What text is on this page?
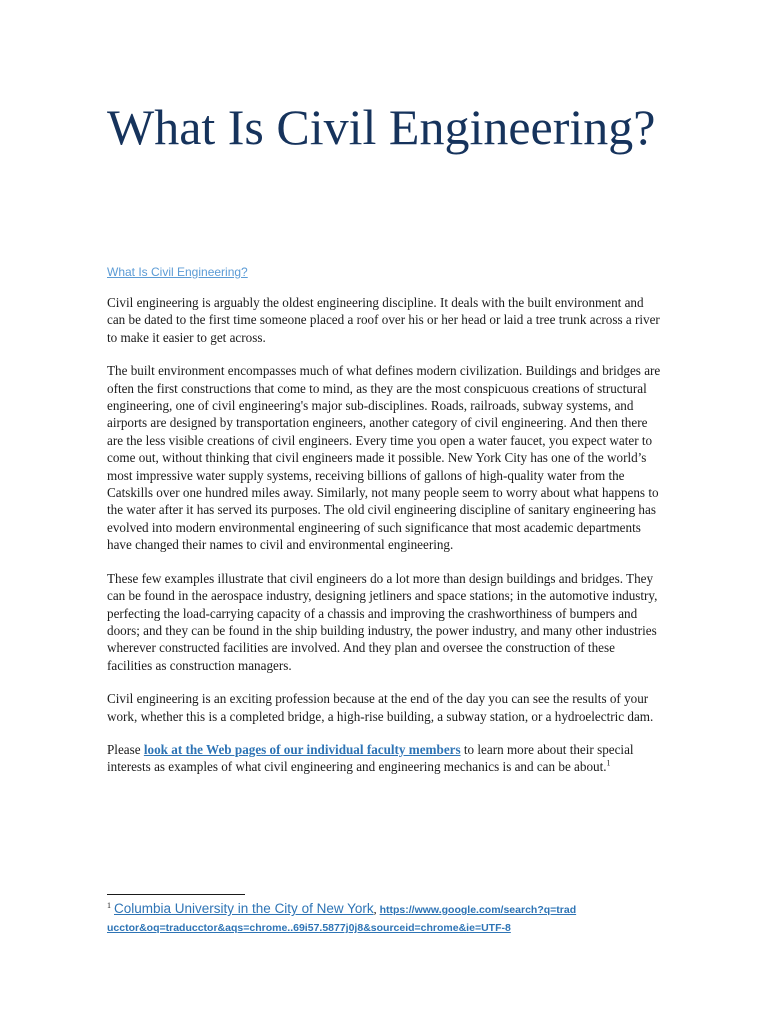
What Is Civil Engineering?
What Is Civil Engineering?

Civil engineering is arguably the oldest engineering discipline. It deals with the built environment and can be dated to the first time someone placed a roof over his or her head or laid a tree trunk across a river to make it easier to get across.

The built environment encompasses much of what defines modern civilization. Buildings and bridges are often the first constructions that come to mind, as they are the most conspicuous creations of structural engineering, one of civil engineering's major sub-disciplines. Roads, railroads, subway systems, and airports are designed by transportation engineers, another category of civil engineering. And then there are the less visible creations of civil engineers. Every time you open a water faucet, you expect water to come out, without thinking that civil engineers made it possible. New York City has one of the world’s most impressive water supply systems, receiving billions of gallons of high-quality water from the Catskills over one hundred miles away. Similarly, not many people seem to worry about what happens to the water after it has served its purposes. The old civil engineering discipline of sanitary engineering has evolved into modern environmental engineering of such significance that most academic departments have changed their names to civil and environmental engineering.

These few examples illustrate that civil engineers do a lot more than design buildings and bridges. They can be found in the aerospace industry, designing jetliners and space stations; in the automotive industry, perfecting the load-carrying capacity of a chassis and improving the crashworthiness of bumpers and doors; and they can be found in the ship building industry, the power industry, and many other industries wherever constructed facilities are involved. And they plan and oversee the construction of these facilities as construction managers.

Civil engineering is an exciting profession because at the end of the day you can see the results of your work, whether this is a completed bridge, a high-rise building, a subway station, or a hydroelectric dam.

Please look at the Web pages of our individual faculty members to learn more about their special interests as examples of what civil engineering and engineering mechanics is and can be about.$^1$

$^1$ Columbia University in the City of New York, https://www.google.com/search?q=traducctor&oq=traducctor&aqs=chrome..69i57.5877j0j8&sourceid=chrome&ie=UTF-8
